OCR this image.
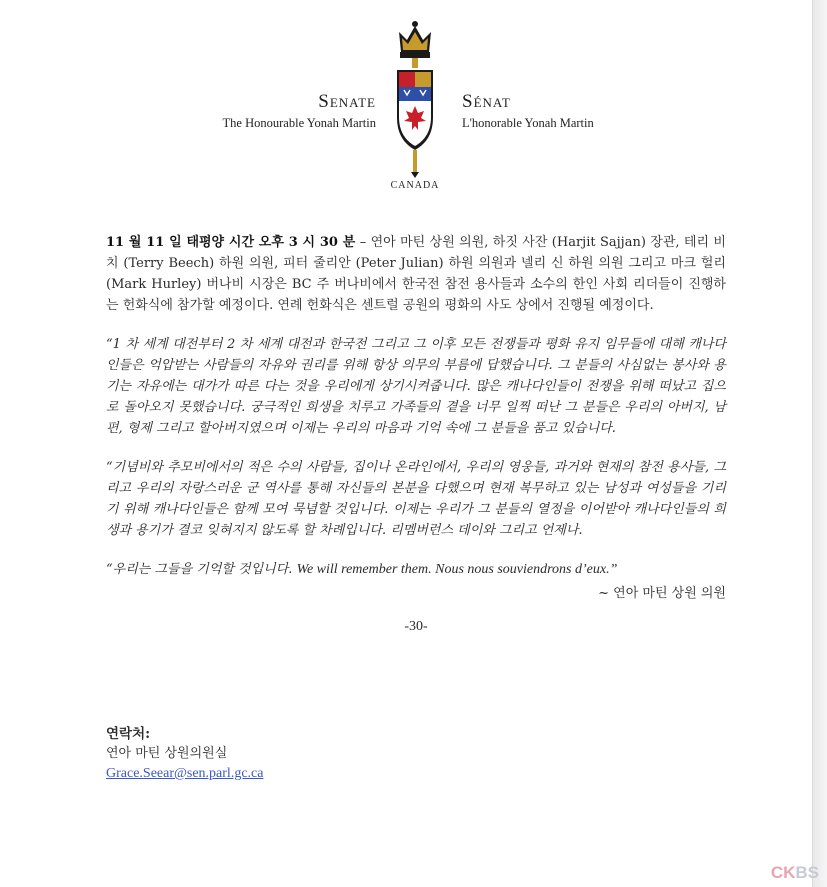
Senate
The Honourable Yonah Martin
Sénat
L'honorable Yonah Martin
CANADA

11 월 11 일 태평양 시간 오후 3 시 30 분 – 연아 마틴 상원 의원, 하짓 사잔 (Harjit Sajjan) 장관, 테리 비치 (Terry Beech) 하원 의원, 피터 줄리안 (Peter Julian) 하원 의원과 넬리 신 하원 의원 그리고 마크 헐리 (Mark Hurley) 버나비 시장은 BC 주 버나비에서 한국전 참전 용사들과 소수의 한인 사회 리더들이 진행하는 헌화식에 참가할 예정이다. 연례 헌화식은 센트럴 공원의 평화의 사도 상에서 진행될 예정이다.

“1 차 세계 대전부터 2 차 세계 대전과 한국전 그리고 그 이후 모든 전쟁들과 평화 유지 임무들에 대해 캐나다인들은 억압받는 사람들의 자유와 권리를 위해 항상 의무의 부름에 답했습니다. 그 분들의 사심없는 봉사와 용기는 자유에는 대가가 따른 다는 것을 우리에게 상기시켜줍니다. 많은 캐나다인들이 전쟁을 위해 떠났고 집으로 돌아오지 못했습니다. 궁극적인 희생을 치루고 가족들의 곁을 너무 일찍 떠난 그 분들은 우리의 아버지, 남편, 형제 그리고 할아버지였으며 이제는 우리의 마음과 기억 속에 그 분들을 품고 있습니다.

“기념비와 추모비에서의 적은 수의 사람들, 집이나 온라인에서, 우리의 영웅들, 과거와 현재의 참전 용사들, 그리고 우리의 자랑스러운 군 역사를 통해 자신들의 본분을 다했으며 현재 복무하고 있는 남성과 여성들을 기리기 위해 캐나다인들은 함께 모여 묵념할 것입니다. 이제는 우리가 그 분들의 열정을 이어받아 캐나다인들의 희생과 용기가 결코 잊혀지지 않도록 할 차례입니다. 리멤버런스 데이와 그리고 언제나.

“우리는 그들을 기억할 것입니다. We will remember them. Nous nous souviendrons d’eux.”

~ 연아 마틴 상원 의원
-30-
연락처:
연아 마틴 상원의원실
Grace.Seear@sen.parl.gc.ca
CKBS
